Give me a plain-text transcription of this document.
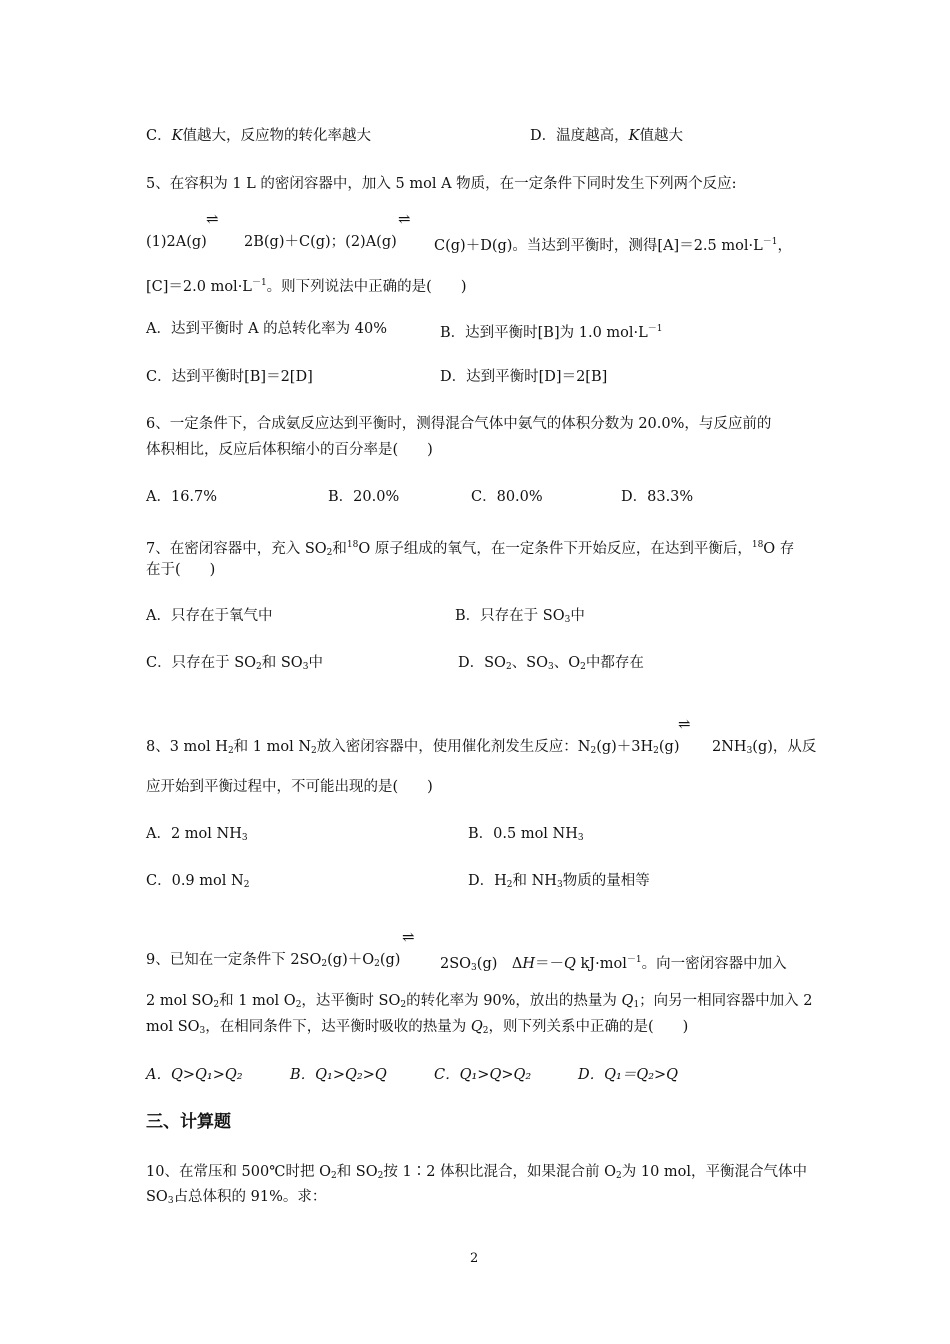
C．K值越大，反应物的转化率越大	D．温度越高，K值越大
5、在容积为 1 L 的密闭容器中，加入 5 mol A 物质，在一定条件下同时发生下列两个反应:
⇌	⇌
(1)2A(g)	2B(g)＋C(g)；(2)A(g)	C(g)＋D(g)。当达到平衡时，测得[A]＝2.5 $mol\cdot L^{-1}$，
[C]＝2.0 $mol\cdot L^{-1}$。则下列说法中正确的是(　　)
A．达到平衡时 A 的总转化率为 40%	B．达到平衡时[B]为 1.0 $mol\cdot L^{-1}$
C．达到平衡时[B]＝2[D]	D．达到平衡时[D]＝2[B]
6、一定条件下，合成氨反应达到平衡时，测得混合气体中氨气的体积分数为 20.0%，与反应前的
体积相比，反应后体积缩小的百分率是(　　)
A．16.7%	B．20.0%	C．80.0%	D．83.3%
7、在密闭容器中，充入 $SO_2$和$^{18}$O 原子组成的氧气，在一定条件下开始反应，在达到平衡后，$^{18}$O 存
在于(　　)
A．只存在于氧气中	B．只存在于 $SO_3$中
C．只存在于 $SO_2$和 $SO_3$中	D．$SO_2$、$SO_3$、$O_2$中都存在
⇌
8、3 mol $H_2$和 1 mol $N_2$放入密闭容器中，使用催化剂发生反应：$N_2(g)+3H_2(g)$ $2NH_3(g)$，从反
应开始到平衡过程中，不可能出现的是(　　)
A．2 mol $NH_3$	B．0.5 mol $NH_3$
C．0.9 mol $N_2$	D．$H_2$和 $NH_3$物质的量相等
⇌
9、已知在一定条件下 $2SO_2(g)+O_2(g)$	$2SO_3(g)$　ΔH＝－Q kJ·mol$^{-1}$。向一密闭容器中加入
2 mol $SO_2$和 1 mol $O_2$，达平衡时 $SO_2$的转化率为 90%，放出的热量为 $Q_1$；向另一相同容器中加入 2
mol $SO_3$，在相同条件下，达平衡时吸收的热量为 $Q_2$，则下列关系中正确的是(　　)
A．Q>Q₁>Q₂	B．Q₁>Q₂>Q	C．Q₁>Q>Q₂	D．Q₁＝Q₂>Q
三、计算题
10、在常压和 500℃时把 $O_2$和 $SO_2$按 1∶2 体积比混合，如果混合前 $O_2$为 10 mol，平衡混合气体中
$SO_3$占总体积的 91%。求：
2
